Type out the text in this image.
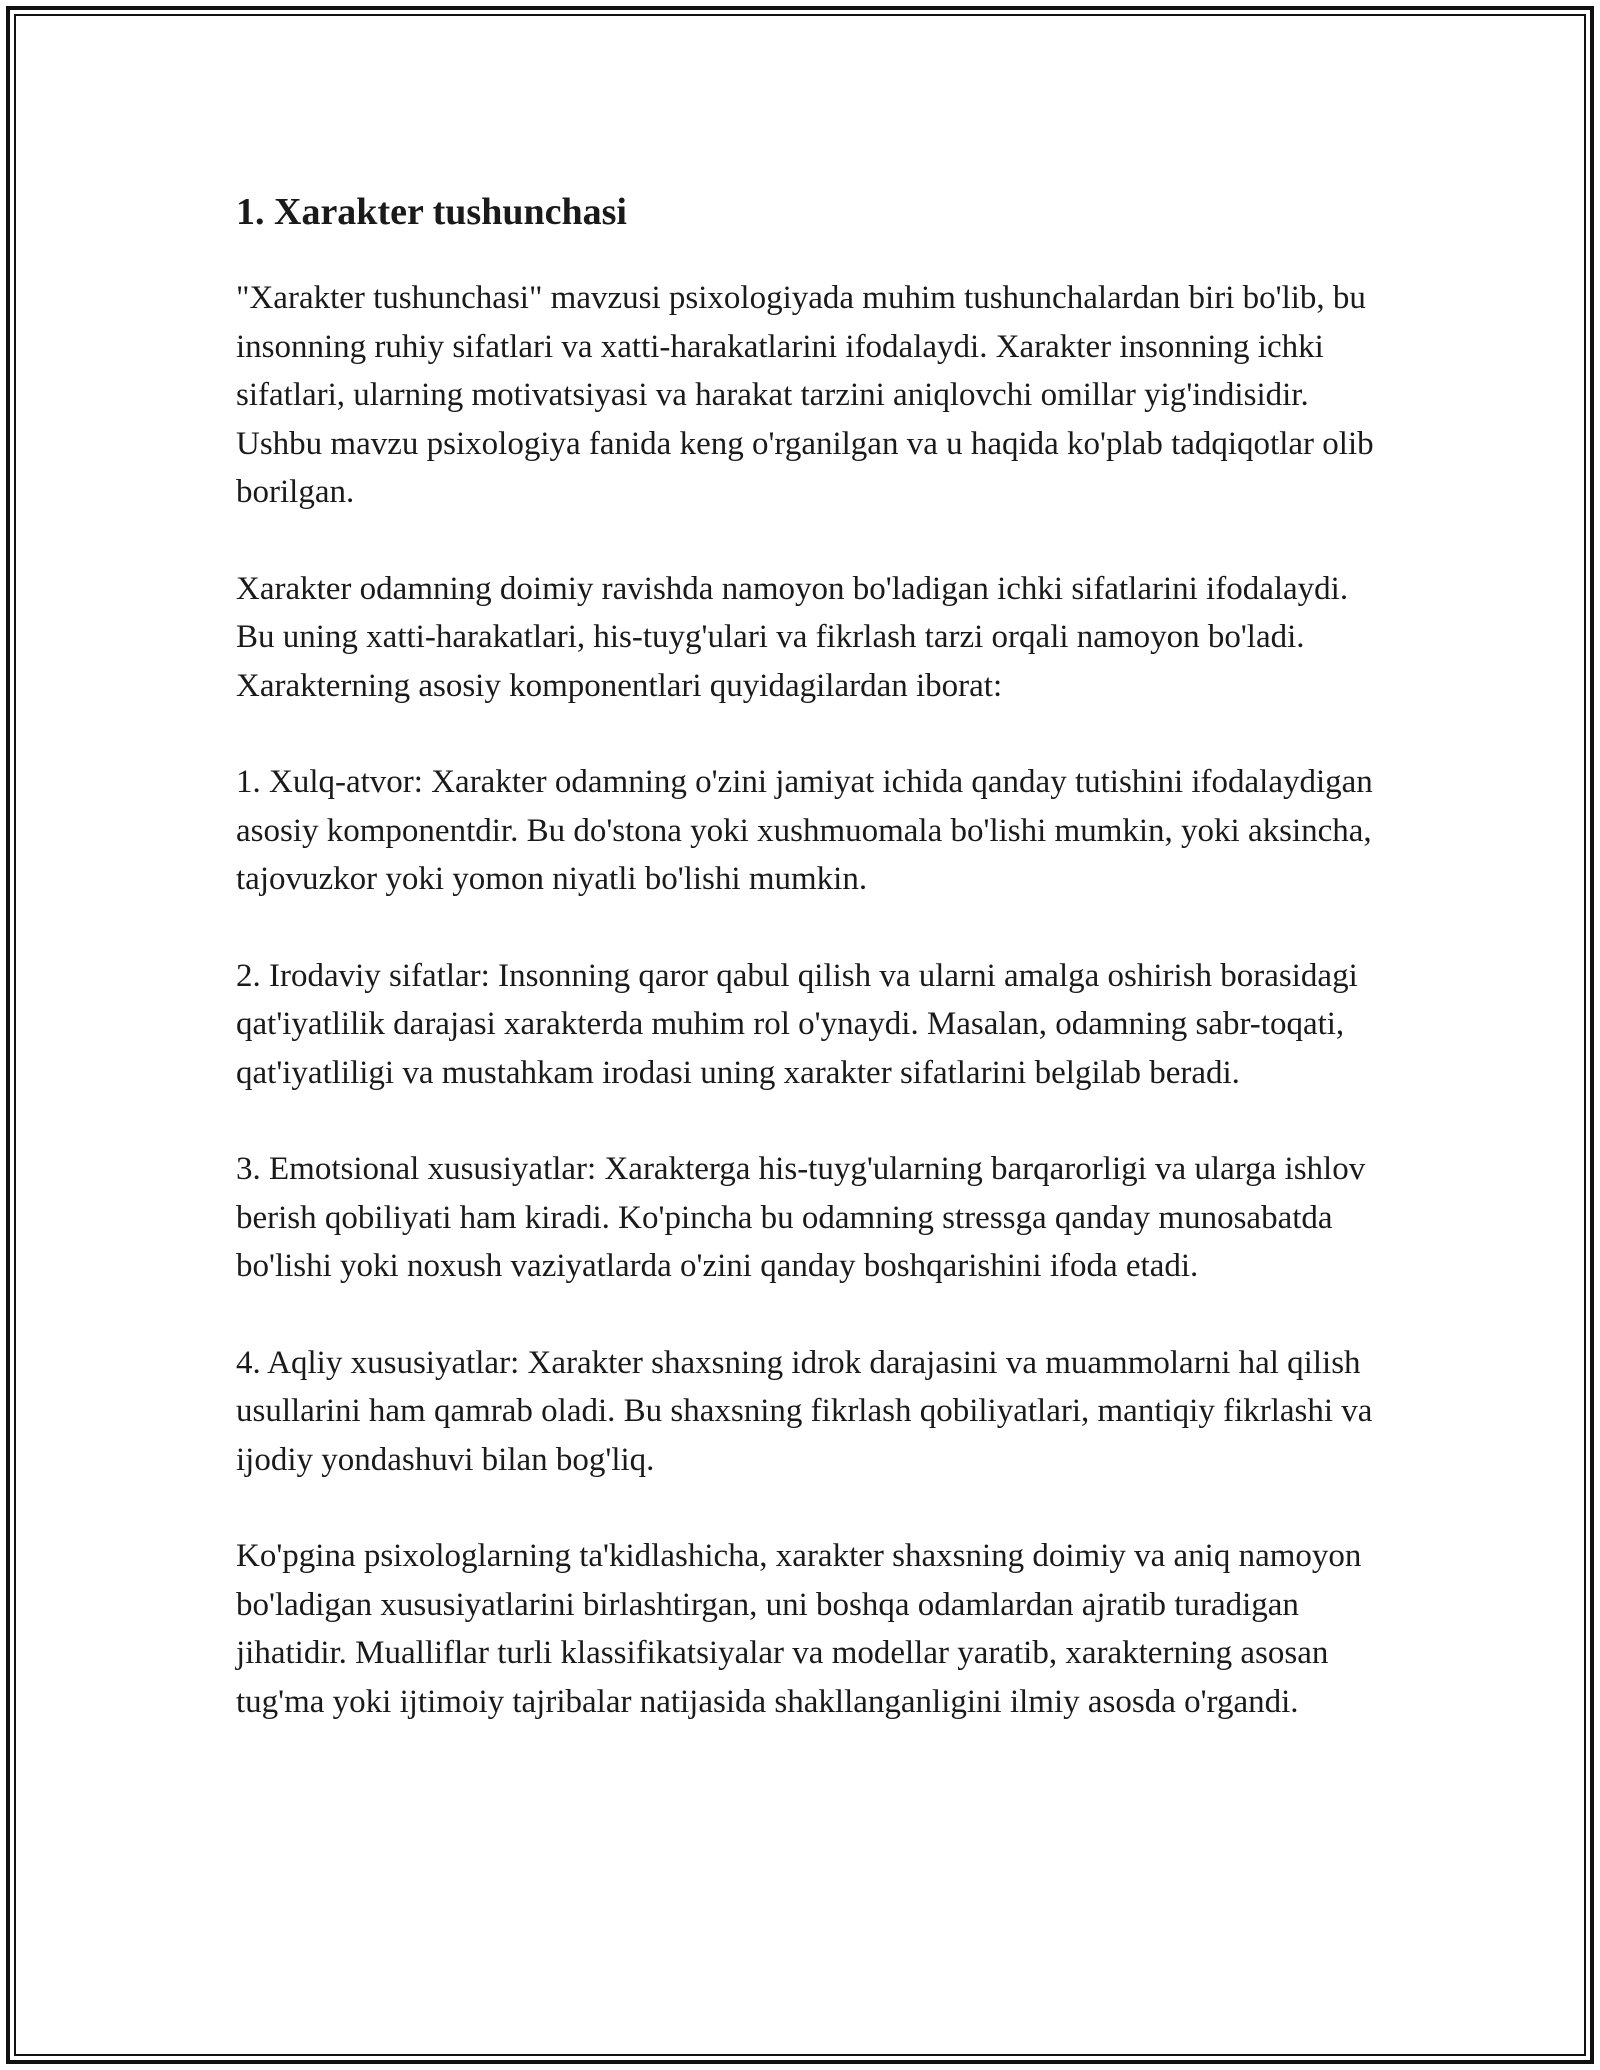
1. Xarakter tushunchasi

"Xarakter tushunchasi" mavzusi psixologiyada muhim tushunchalardan biri bo'lib, bu insonning ruhiy sifatlari va xatti-harakatlarini ifodalaydi. Xarakter insonning ichki sifatlari, ularning motivatsiyasi va harakat tarzini aniqlovchi omillar yig'indisidir. Ushbu mavzu psixologiya fanida keng o'rganilgan va u haqida ko'plab tadqiqotlar olib borilgan.

Xarakter odamning doimiy ravishda namoyon bo'ladigan ichki sifatlarini ifodalaydi. Bu uning xatti-harakatlari, his-tuyg'ulari va fikrlash tarzi orqali namoyon bo'ladi. Xarakterning asosiy komponentlari quyidagilardan iborat:

1. Xulq-atvor: Xarakter odamning o'zini jamiyat ichida qanday tutishini ifodalaydigan asosiy komponentdir. Bu do'stona yoki xushmuomala bo'lishi mumkin, yoki aksincha, tajovuzkor yoki yomon niyatli bo'lishi mumkin.

2. Irodaviy sifatlar: Insonning qaror qabul qilish va ularni amalga oshirish borasidagi qat'iyatlilik darajasi xarakterda muhim rol o'ynaydi. Masalan, odamning sabr-toqati, qat'iyatliligi va mustahkam irodasi uning xarakter sifatlarini belgilab beradi.

3. Emotsional xususiyatlar: Xarakterga his-tuyg'ularning barqarorligi va ularga ishlov berish qobiliyati ham kiradi. Ko'pincha bu odamning stressga qanday munosabatda bo'lishi yoki noxush vaziyatlarda o'zini qanday boshqarishini ifoda etadi.

4. Aqliy xususiyatlar: Xarakter shaxsning idrok darajasini va muammolarni hal qilish usullarini ham qamrab oladi. Bu shaxsning fikrlash qobiliyatlari, mantiqiy fikrlashi va ijodiy yondashuvi bilan bog'liq.

Ko'pgina psixologlarning ta'kidlashicha, xarakter shaxsning doimiy va aniq namoyon bo'ladigan xususiyatlarini birlashtirgan, uni boshqa odamlardan ajratib turadigan jihatidir. Mualliflar turli klassifikatsiyalar va modellar yaratib, xarakterning asosan tug'ma yoki ijtimoiy tajribalar natijasida shakllanganligini ilmiy asosda o'rgandi.
